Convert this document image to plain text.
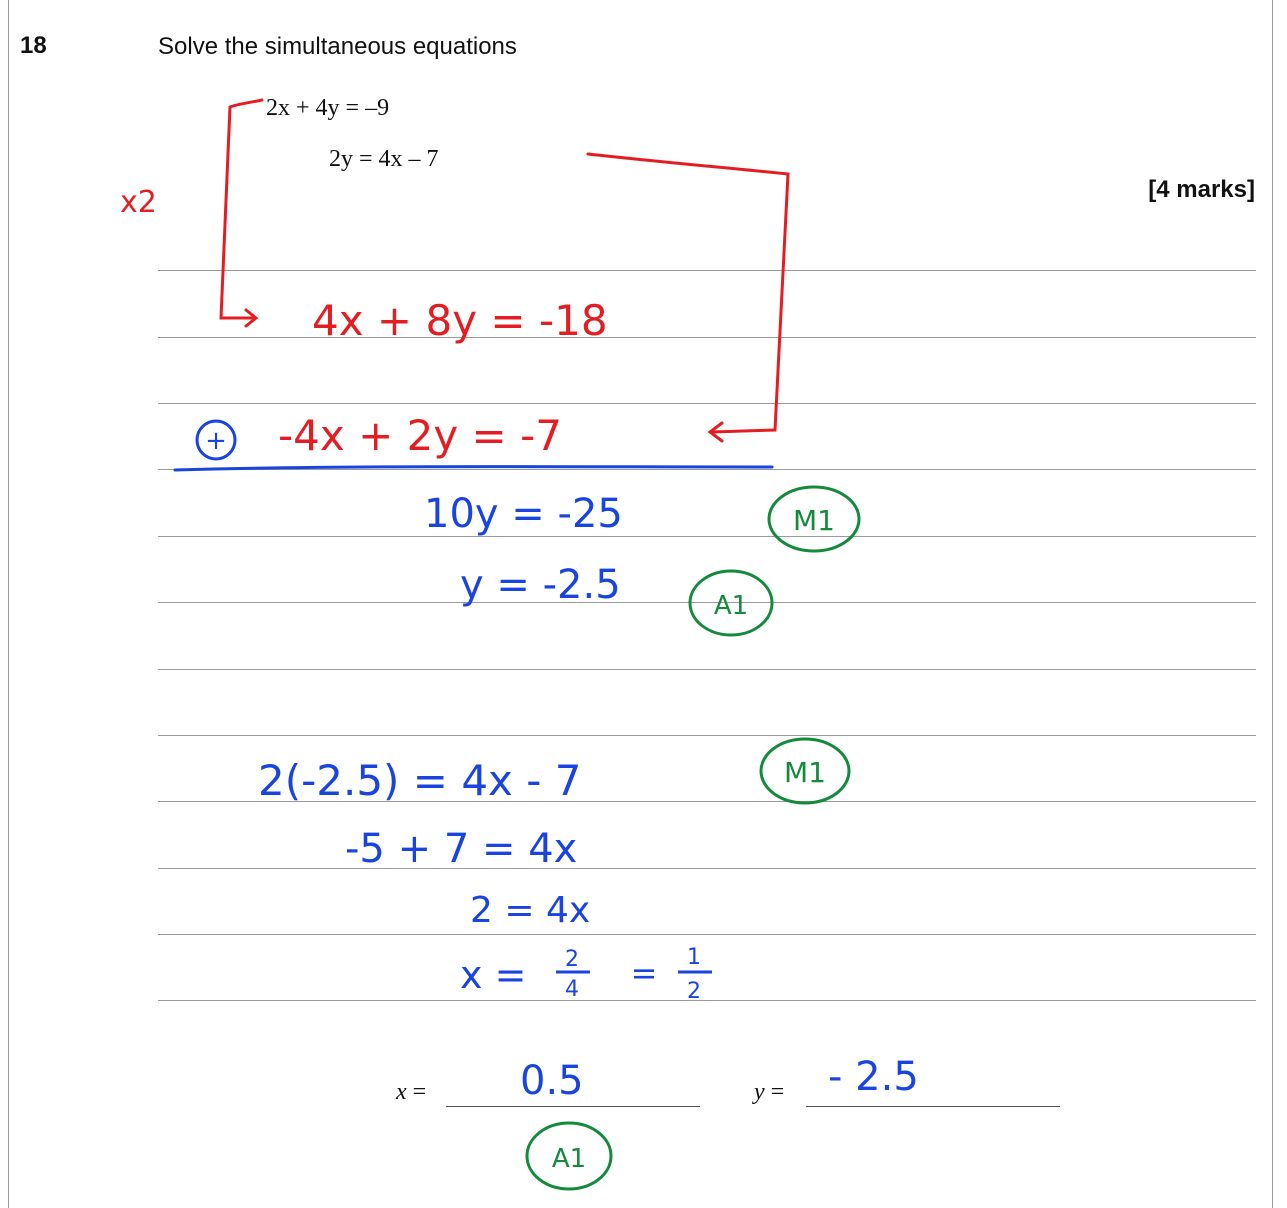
18	Solve the simultaneous equations
2x + 4y = –9
2y = 4x – 7
[4 marks]
x =	y =
x2
4x + 8y = -18
-4x + 2y = -7
+
10y = -25
y = -2.5
2(-2.5) = 4x - 7
-5 + 7 = 4x
2 = 4x
x = 2
4 = 1
2
0.5	- 2.5
M1
A1
M1
A1
